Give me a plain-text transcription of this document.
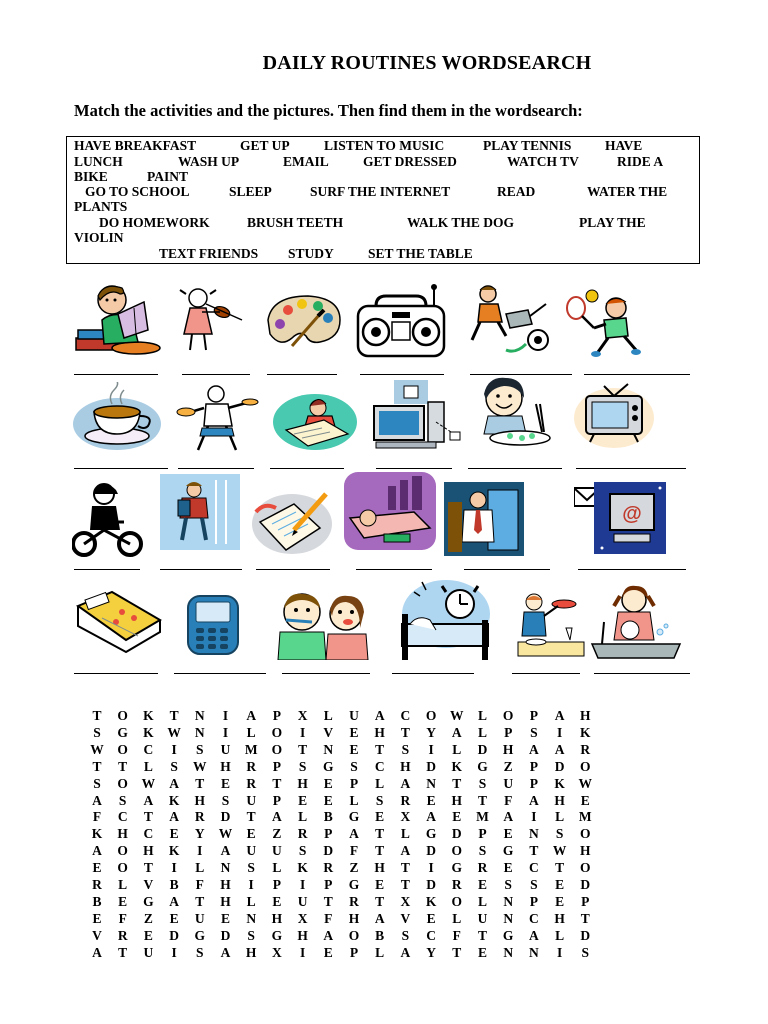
DAILY ROUTINES WORDSEARCH
Match the activities and the pictures. Then find them in the wordsearch:
HAVE BREAKFAST	GET UP	LISTEN TO MUSIC	PLAY TENNIS HAVE
LUNCH	WASH UP	EMAIL	GET DRESSED	WATCH TV	RIDE A
BIKE	PAINT
GO TO SCHOOL	SLEEP	SURF THE INTERNET	READ	WATER THE
PLANTS
DO HOMEWORK	BRUSH TEETH	WALK THE DOG	PLAY THE
VIOLIN
TEXT FRIENDS STUDY	SET THE TABLE
@
T	O	K	T	N	I	A	P	X	L	U	A	C	O	W	L	O	P	A	H
S	G	K	W	N	I	L	O	I	V	E	H	T	Y	A	L	P	S	I	K
W	O	C	I	S	U	M	O	T	N	E	T	S	I	L	D	H	A	A	R
T	T	L	S	W	H	R	P	S	G	S	C	H	D	K	G	Z	P	D	O
S	O	W	A	T	E	R	T	H	E	P	L	A	N	T	S	U	P	K	W
A	S	A	K	H	S	U	P	E	E	L	S	R	E	H	T	F	A	H	E
F	C	T	A	R	D	T	A	L	B	G	E	X	A	E	M	A	I	L	M
K	H	C	E	Y	W	E	Z	R	P	A	T	L	G	D	P	E	N	S	O
A	O	H	K	I	A	U	U	S	D	F	T	A	D	O	S	G	T	W	H
E	O	T	I	L	N	S	L	K	R	Z	H	T	I	G	R	E	C	T	O
R	L	V	B	F	H	I	P	I	P	G	E	T	D	R	E	S	S	E	D
B	E	G	A	T	H	L	E	U	T	R	T	X	K	O	L	N	P	E	P
E	F	Z	E	U	E	N	H	X	F	H	A	V	E	L	U	N	C	H	T
V	R	E	D	G	D	S	G	H	A	O	B	S	C	F	T	G	A	L	D
A	T	U	I	S	A	H	X	I	E	P	L	A	Y	T	E	N	N	I	S
